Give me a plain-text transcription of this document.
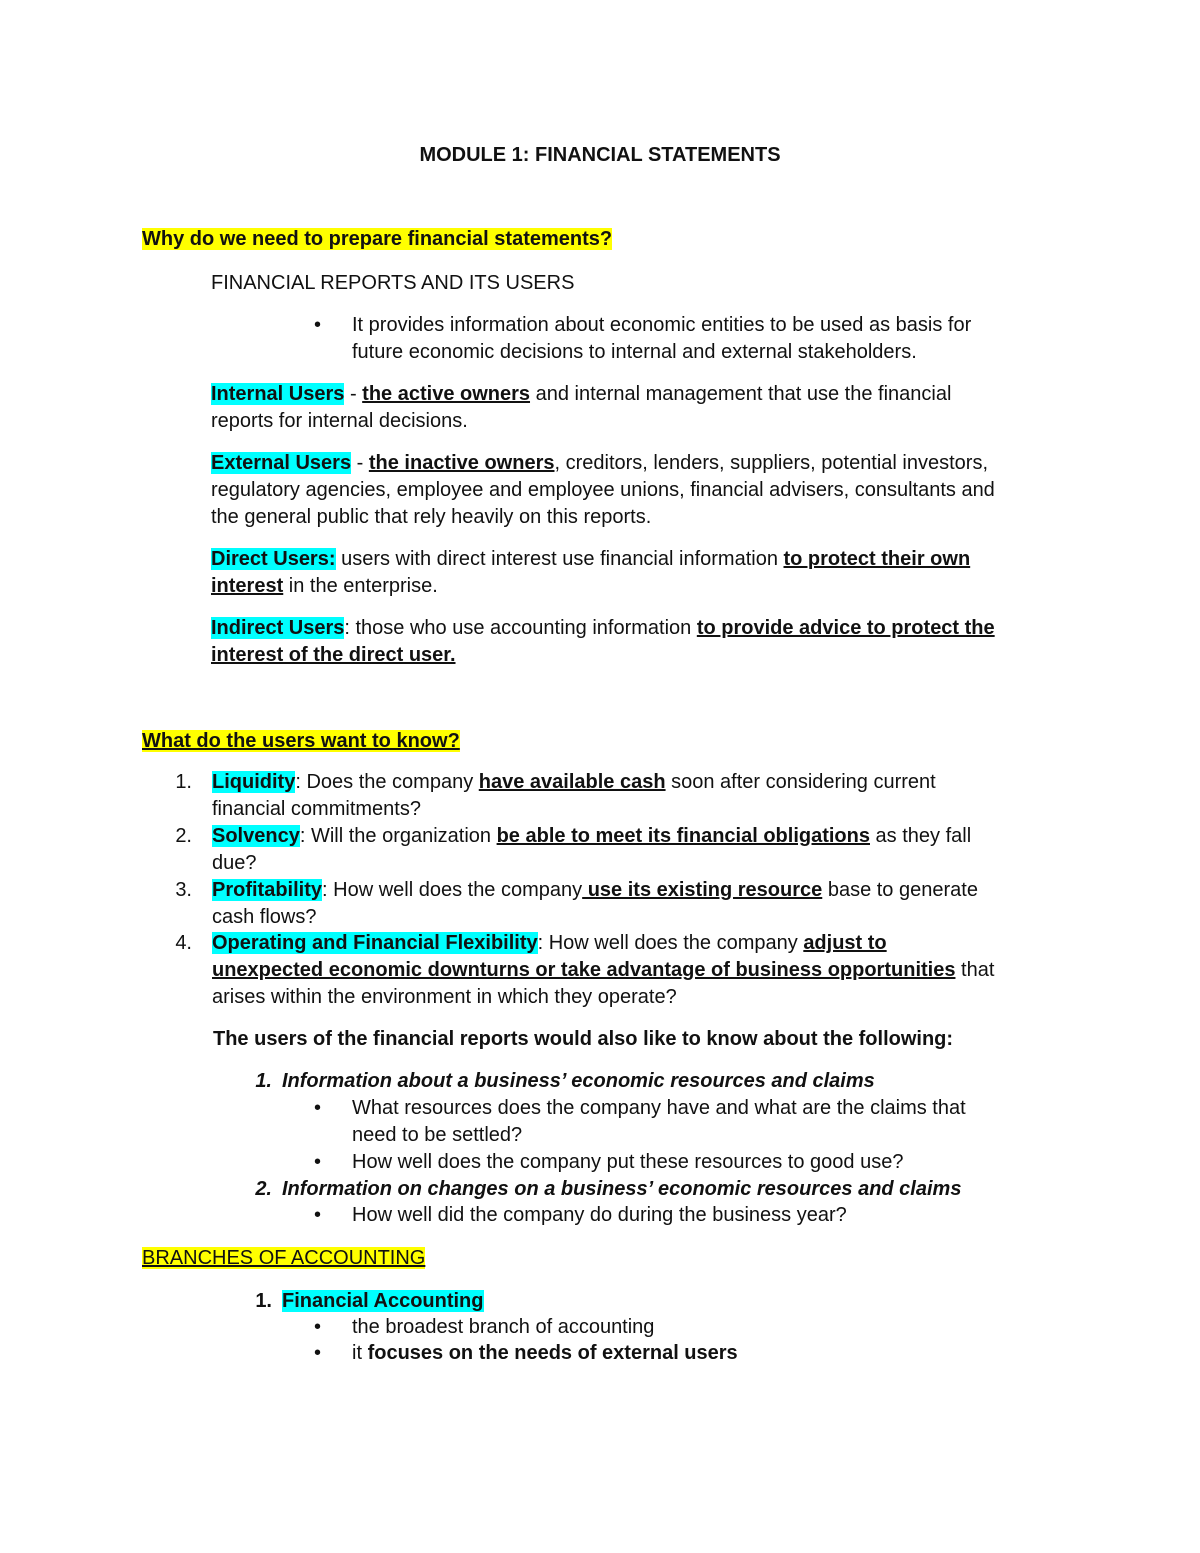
MODULE 1: FINANCIAL STATEMENTS

Why do we need to prepare financial statements?

FINANCIAL REPORTS AND ITS USERS

• It provides information about economic entities to be used as basis for
future economic decisions to internal and external stakeholders.
Internal Users - the active owners and internal management that use the financial
reports for internal decisions.
External Users - the inactive owners, creditors, lenders, suppliers, potential investors,
regulatory agencies, employee and employee unions, financial advisers, consultants and
the general public that rely heavily on this reports.
Direct Users: users with direct interest use financial information to protect their own
interest in the enterprise.
Indirect Users: those who use accounting information to provide advice to protect the
interest of the direct user.

What do the users want to know?

1. Liquidity: Does the company have available cash soon after considering current
financial commitments?
2. Solvency: Will the organization be able to meet its financial obligations as they fall
due?
3. Profitability: How well does the company use its existing resource base to generate
cash flows?
4. Operating and Financial Flexibility: How well does the company adjust to
unexpected economic downturns or take advantage of business opportunities that
arises within the environment in which they operate?

The users of the financial reports would also like to know about the following:

1. Information about a business’ economic resources and claims
• What resources does the company have and what are the claims that
need to be settled?
• How well does the company put these resources to good use?
2. Information on changes on a business’ economic resources and claims
• How well did the company do during the business year?

BRANCHES OF ACCOUNTING

1. Financial Accounting
• the broadest branch of accounting
• it focuses on the needs of external users
